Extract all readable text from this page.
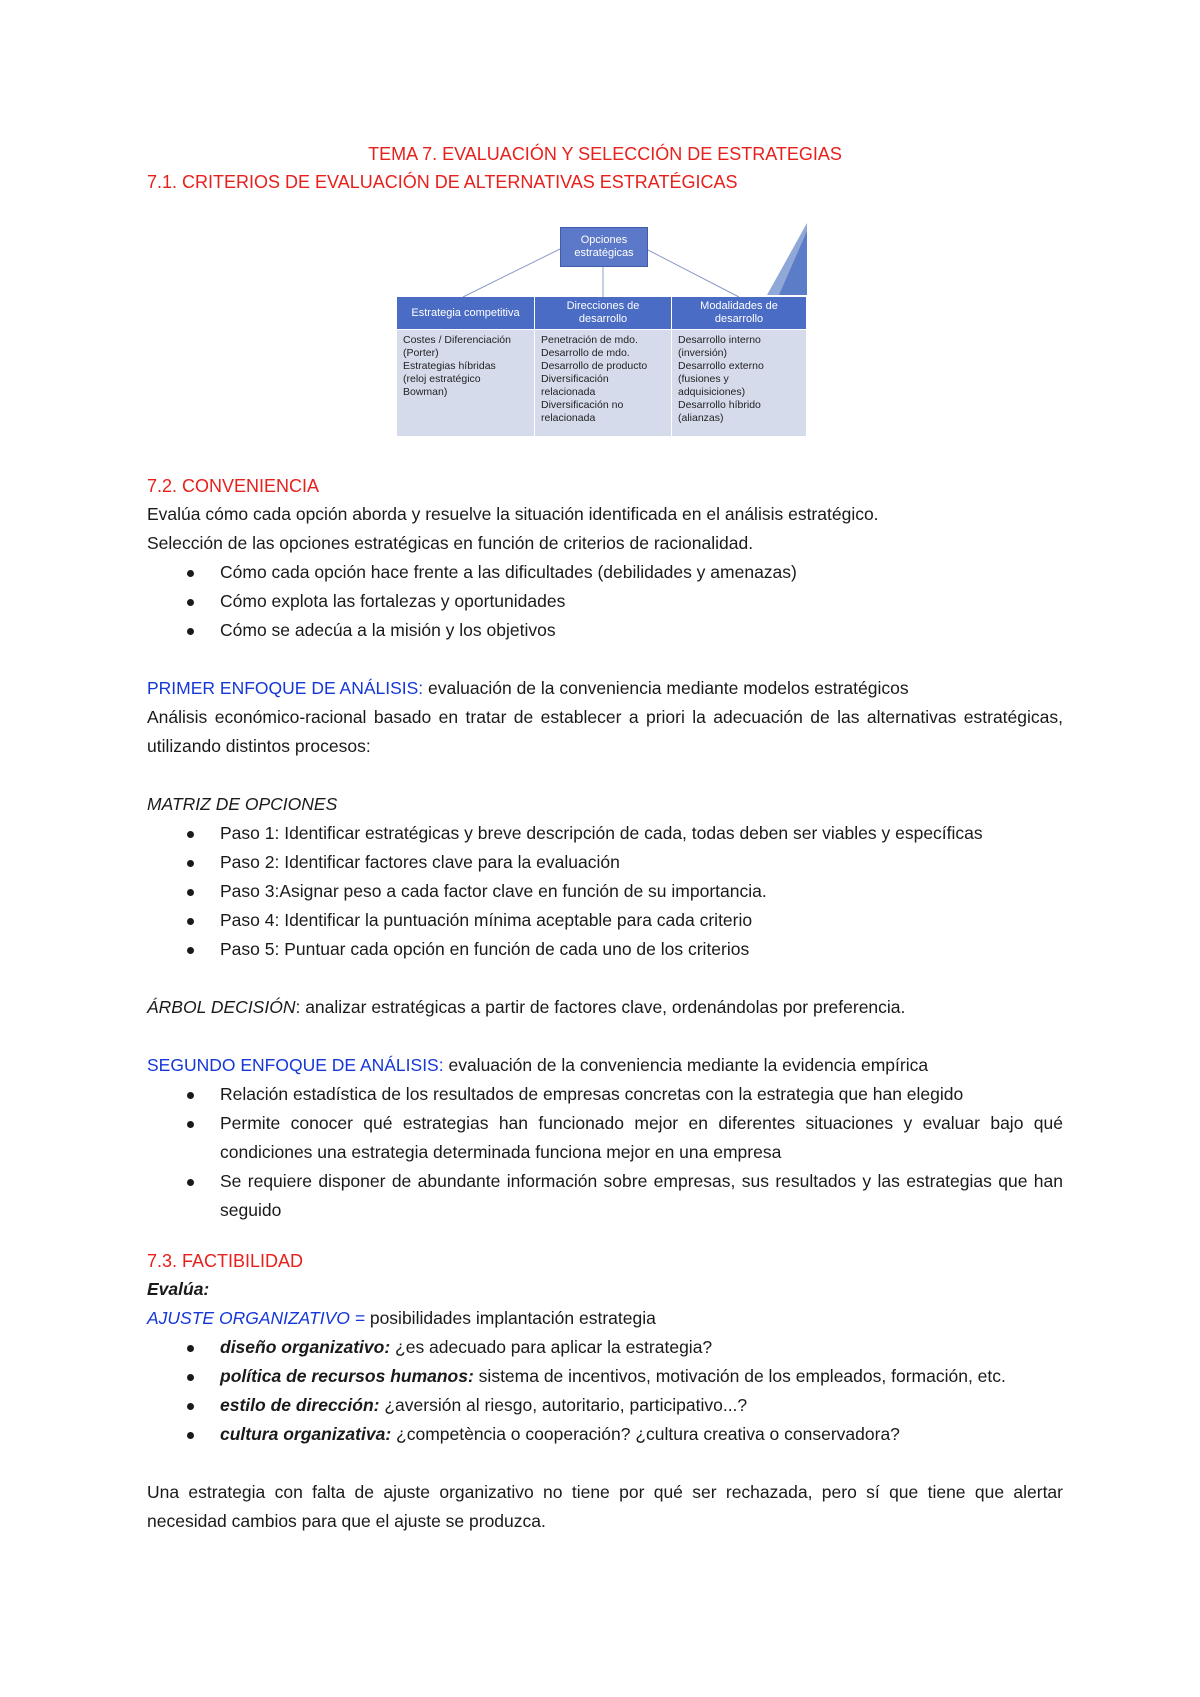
TEMA 7. EVALUACIÓN Y SELECCIÓN DE ESTRATEGIAS
7.1. CRITERIOS DE EVALUACIÓN DE ALTERNATIVAS ESTRATÉGICAS
Opciones
estratégicas
Estrategia competitiva
Direcciones de
desarrollo
Modalidades de
desarrollo
Costes / Diferenciación
(Porter)
Estrategias híbridas
(reloj estratégico
Bowman)
Penetración de mdo.
Desarrollo de mdo.
Desarrollo de producto
Diversificación
relacionada
Diversificación no
relacionada
Desarrollo interno
(inversión)
Desarrollo externo
(fusiones y
adquisiciones)
Desarrollo híbrido
(alianzas)
7.2. CONVENIENCIA

Evalúa cómo cada opción aborda y resuelve la situación identificada en el análisis estratégico.

Selección de las opciones estratégicas en función de criterios de racionalidad.

Cómo cada opción hace frente a las dificultades (debilidades y amenazas)
Cómo explota las fortalezas y oportunidades
Cómo se adecúa a la misión y los objetivos

PRIMER ENFOQUE DE ANÁLISIS: evaluación de la conveniencia mediante modelos estratégicos

Análisis económico-racional basado en tratar de establecer a priori la adecuación de las alternativas estratégicas, utilizando distintos procesos:

MATRIZ DE OPCIONES

Paso 1: Identificar estratégicas y breve descripción de cada, todas deben ser viables y específicas
Paso 2: Identificar factores clave para la evaluación
Paso 3:Asignar peso a cada factor clave en función de su importancia.
Paso 4: Identificar la puntuación mínima aceptable para cada criterio
Paso 5: Puntuar cada opción en función de cada uno de los criterios

ÁRBOL DECISIÓN: analizar estratégicas a partir de factores clave, ordenándolas por preferencia.

SEGUNDO ENFOQUE DE ANÁLISIS: evaluación de la conveniencia mediante la evidencia empírica

Relación estadística de los resultados de empresas concretas con la estrategia que han elegido
Permite conocer qué estrategias han funcionado mejor en diferentes situaciones y evaluar bajo qué condiciones una estrategia determinada funciona mejor en una empresa
Se requiere disponer de abundante información sobre empresas, sus resultados y las estrategias que han seguido
7.3. FACTIBILIDAD

Evalúa:

AJUSTE ORGANIZATIVO = posibilidades implantación estrategia

diseño organizativo: ¿es adecuado para aplicar la estrategia?
política de recursos humanos: sistema de incentivos, motivación de los empleados, formación, etc.
estilo de dirección: ¿aversión al riesgo, autoritario, participativo...?
cultura organizativa: ¿competència o cooperación? ¿cultura creativa o conservadora?

Una estrategia con falta de ajuste organizativo no tiene por qué ser rechazada, pero sí que tiene que alertar necesidad cambios para que el ajuste se produzca.
